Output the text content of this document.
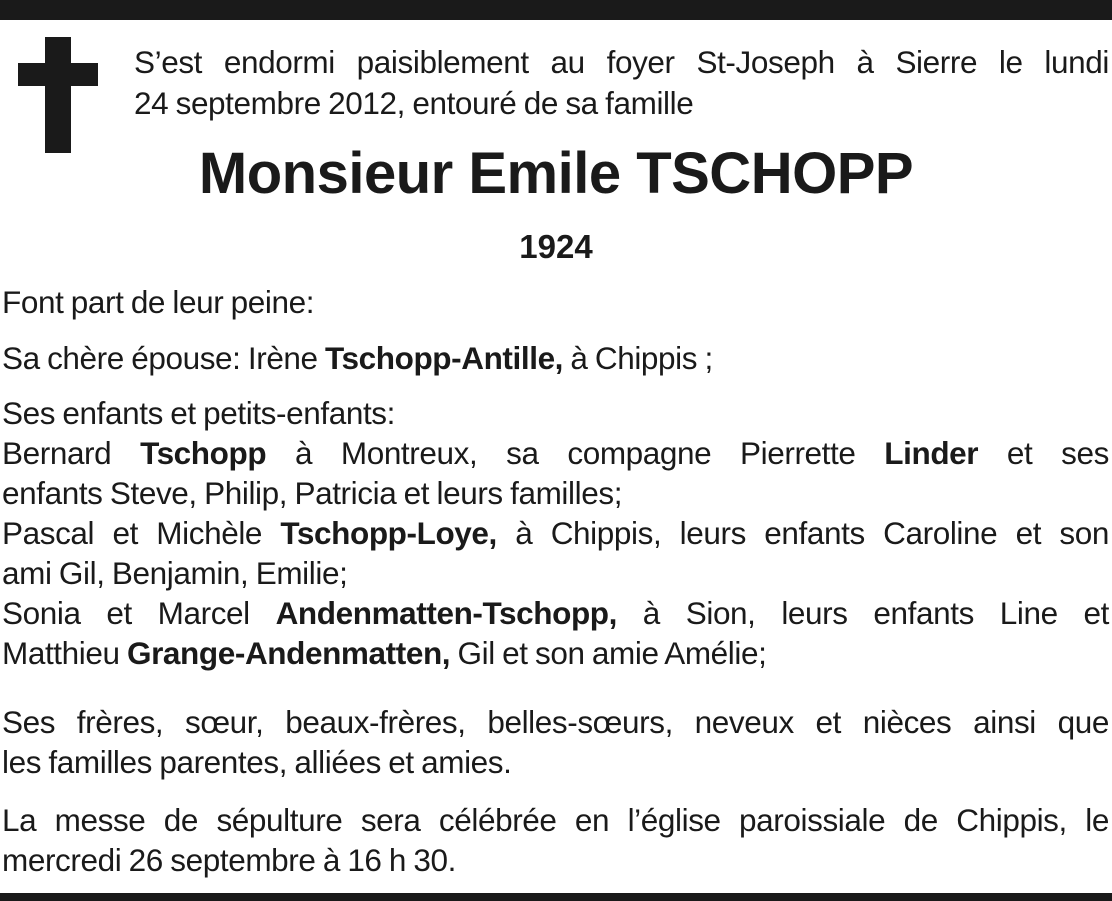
S’est endormi paisiblement au foyer St-Joseph à Sierre le lundi
24 septembre 2012, entouré de sa famille

Monsieur Emile TSCHOPP
1924

Font part de leur peine:

Sa chère épouse: Irène Tschopp-Antille, à Chippis ;

Ses enfants et petits-enfants:
Bernard Tschopp à Montreux, sa compagne Pierrette Linder et ses
enfants Steve, Philip, Patricia et leurs familles;
Pascal et Michèle Tschopp-Loye, à Chippis, leurs enfants Caroline et son
ami Gil, Benjamin, Emilie;
Sonia et Marcel Andenmatten-Tschopp, à Sion, leurs enfants Line et
Matthieu Grange-Andenmatten, Gil et son amie Amélie;

Ses frères, sœur, beaux-frères, belles-sœurs, neveux et nièces ainsi que
les familles parentes, alliées et amies.

La messe de sépulture sera célébrée en l’église paroissiale de Chippis, le
mercredi 26 septembre à 16 h 30.
